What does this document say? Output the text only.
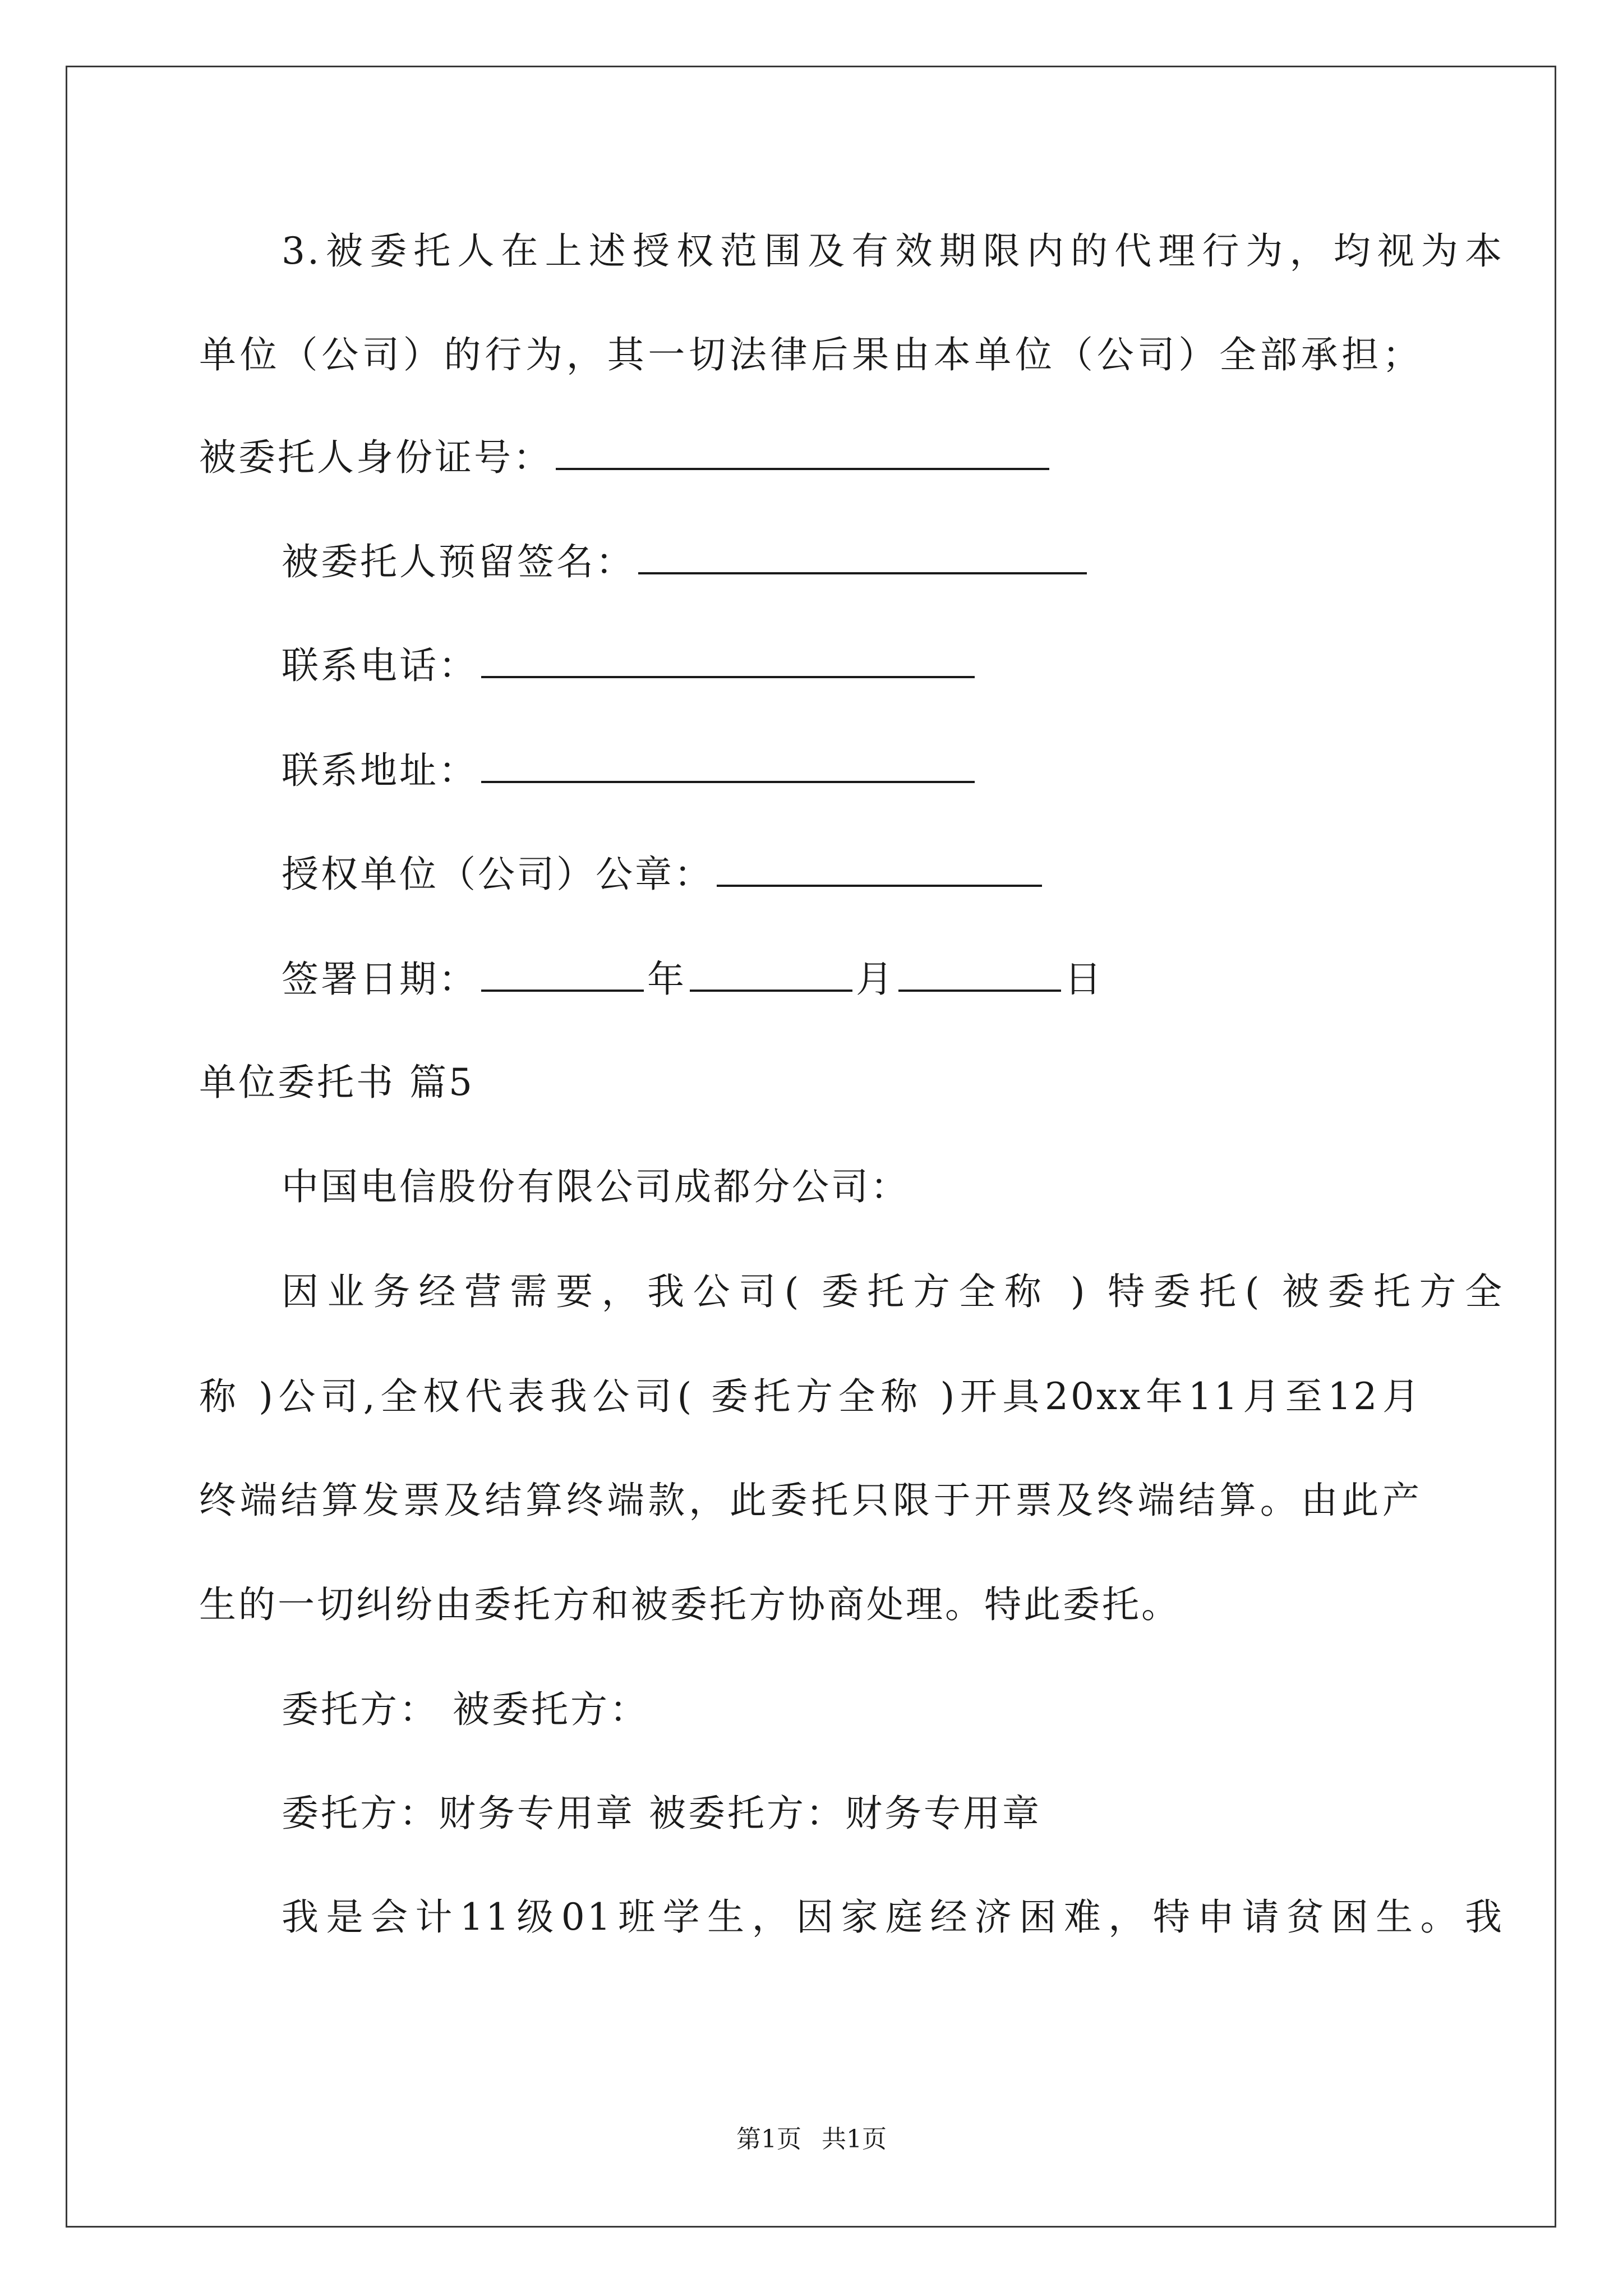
3.被委托人在上述授权范围及有效期限内的代理行为，均视为本
单位（公司）的行为，其一切法律后果由本单位（公司）全部承担；
被委托人身份证号：
被委托人预留签名：
联系电话：
联系地址：
授权单位（公司）公章：
签署日期：	年	月	日
单位委托书 篇5
中国电信股份有限公司成都分公司：
因业务经营需要，我公司( 委托方全称 ) 特委托( 被委托方全
称 )公司,全权代表我公司( 委托方全称 )开具20xx年11月至12月
终端结算发票及结算终端款，此委托只限于开票及终端结算。由此产
生的一切纠纷由委托方和被委托方协商处理。特此委托。
委托方： 被委托方：
委托方：财务专用章 被委托方：财务专用章
我是会计11级01班学生，因家庭经济困难，特申请贫困生。我
第1页 共1页
